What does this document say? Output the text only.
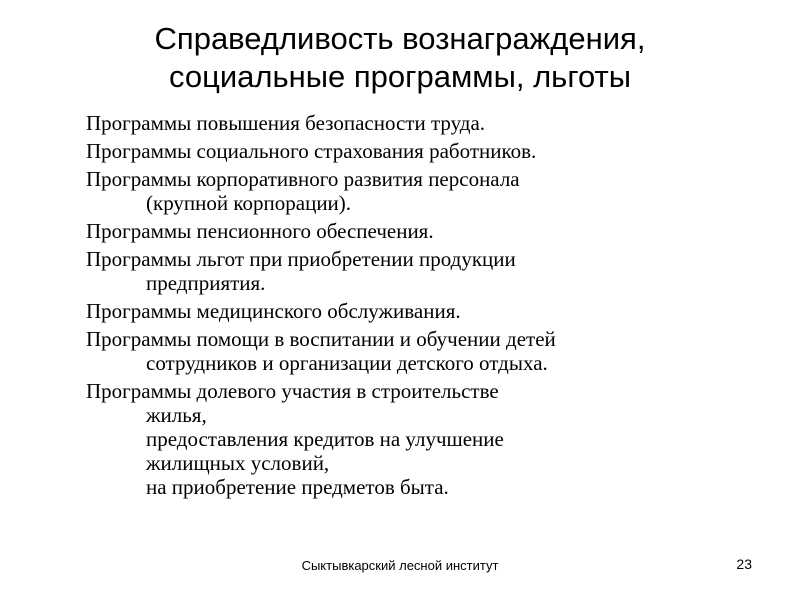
Справедливость вознаграждения,
социальные программы, льготы
Программы повышения безопасности труда.
Программы социального страхования работников.
Программы корпоративного развития персонала
(крупной корпорации).
Программы пенсионного обеспечения.
Программы льгот при приобретении продукции
предприятия.
Программы медицинского обслуживания.
Программы помощи в воспитании и обучении детей
сотрудников и организации детского отдыха.
Программы долевого участия в строительстве
жилья,
предоставления кредитов на улучшение
жилищных условий,
на приобретение предметов быта.
Сыктывкарский лесной институт	23
